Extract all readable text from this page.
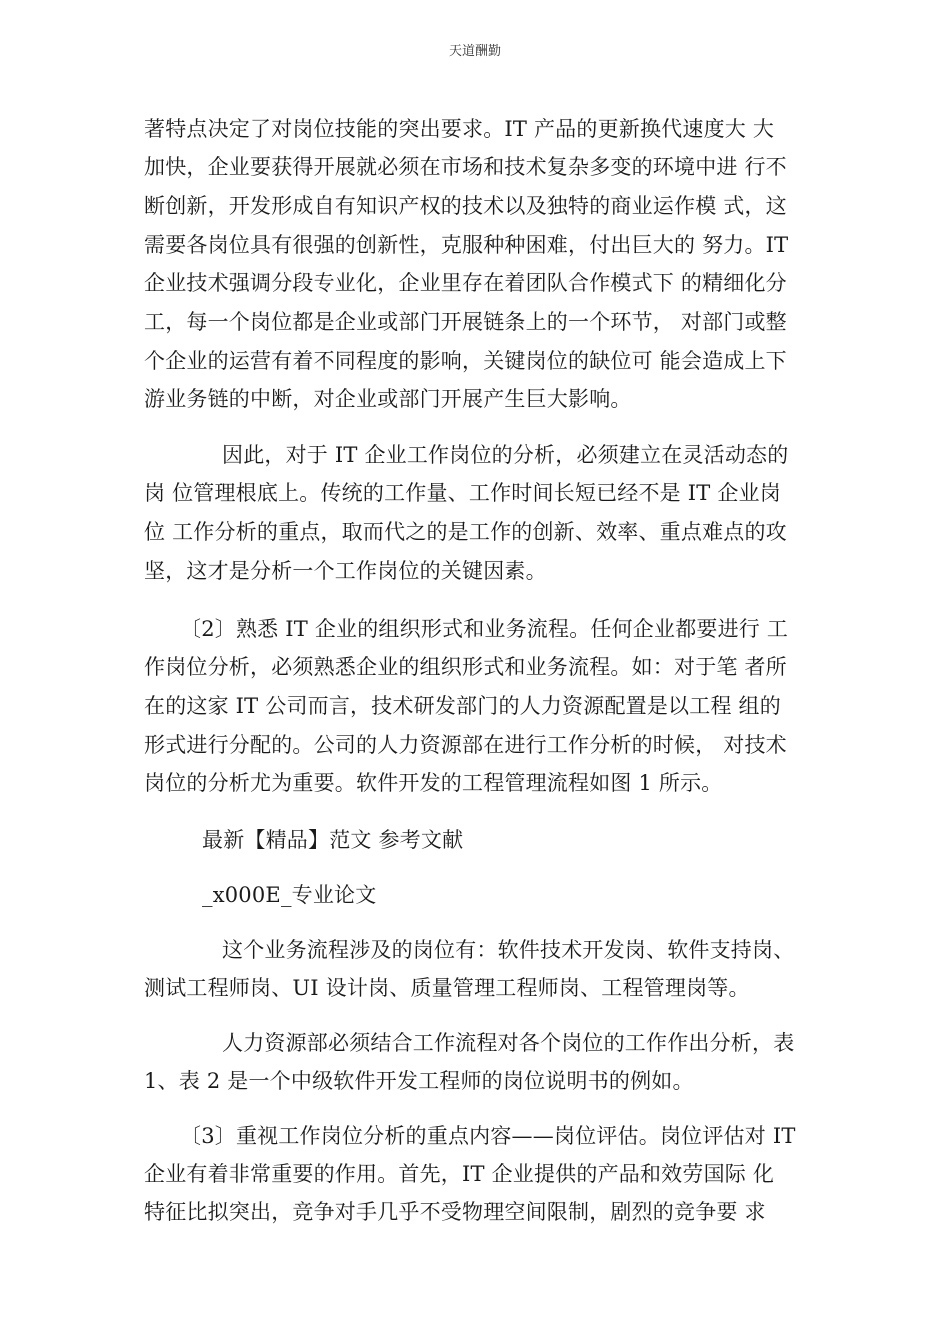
天道酬勤
著特点决定了对岗位技能的突出要求。IT 产品的更新换代速度大 大
加快，企业要获得开展就必须在市场和技术复杂多变的环境中进 行不
断创新，开发形成自有知识产权的技术以及独特的商业运作模 式，这
需要各岗位具有很强的创新性，克服种种困难，付出巨大的 努力。IT
企业技术强调分段专业化，企业里存在着团队合作模式下 的精细化分
工，每一个岗位都是企业或部门开展链条上的一个环节， 对部门或整
个企业的运营有着不同程度的影响，关键岗位的缺位可 能会造成上下
游业务链的中断，对企业或部门开展产生巨大影响。
因此，对于 IT 企业工作岗位的分析，必须建立在灵活动态的
岗 位管理根底上。传统的工作量、工作时间长短已经不是 IT 企业岗
位 工作分析的重点，取而代之的是工作的创新、效率、重点难点的攻
坚，这才是分析一个工作岗位的关键因素。
〔2〕熟悉 IT 企业的组织形式和业务流程。任何企业都要进行 工
作岗位分析，必须熟悉企业的组织形式和业务流程。如：对于笔 者所
在的这家 IT 公司而言，技术研发部门的人力资源配置是以工程 组的
形式进行分配的。公司的人力资源部在进行工作分析的时候， 对技术
岗位的分析尤为重要。软件开发的工程管理流程如图 1 所示。
最新【精品】范文 参考文献
_x000E_专业论文
这个业务流程涉及的岗位有：软件技术开发岗、软件支持岗、
测试工程师岗、UI 设计岗、质量管理工程师岗、工程管理岗等。
人力资源部必须结合工作流程对各个岗位的工作作出分析，表
1、表 2 是一个中级软件开发工程师的岗位说明书的例如。
〔3〕重视工作岗位分析的重点内容——岗位评估。岗位评估对 IT
企业有着非常重要的作用。首先，IT 企业提供的产品和效劳国际 化
特征比拟突出，竞争对手几乎不受物理空间限制，剧烈的竞争要 求
